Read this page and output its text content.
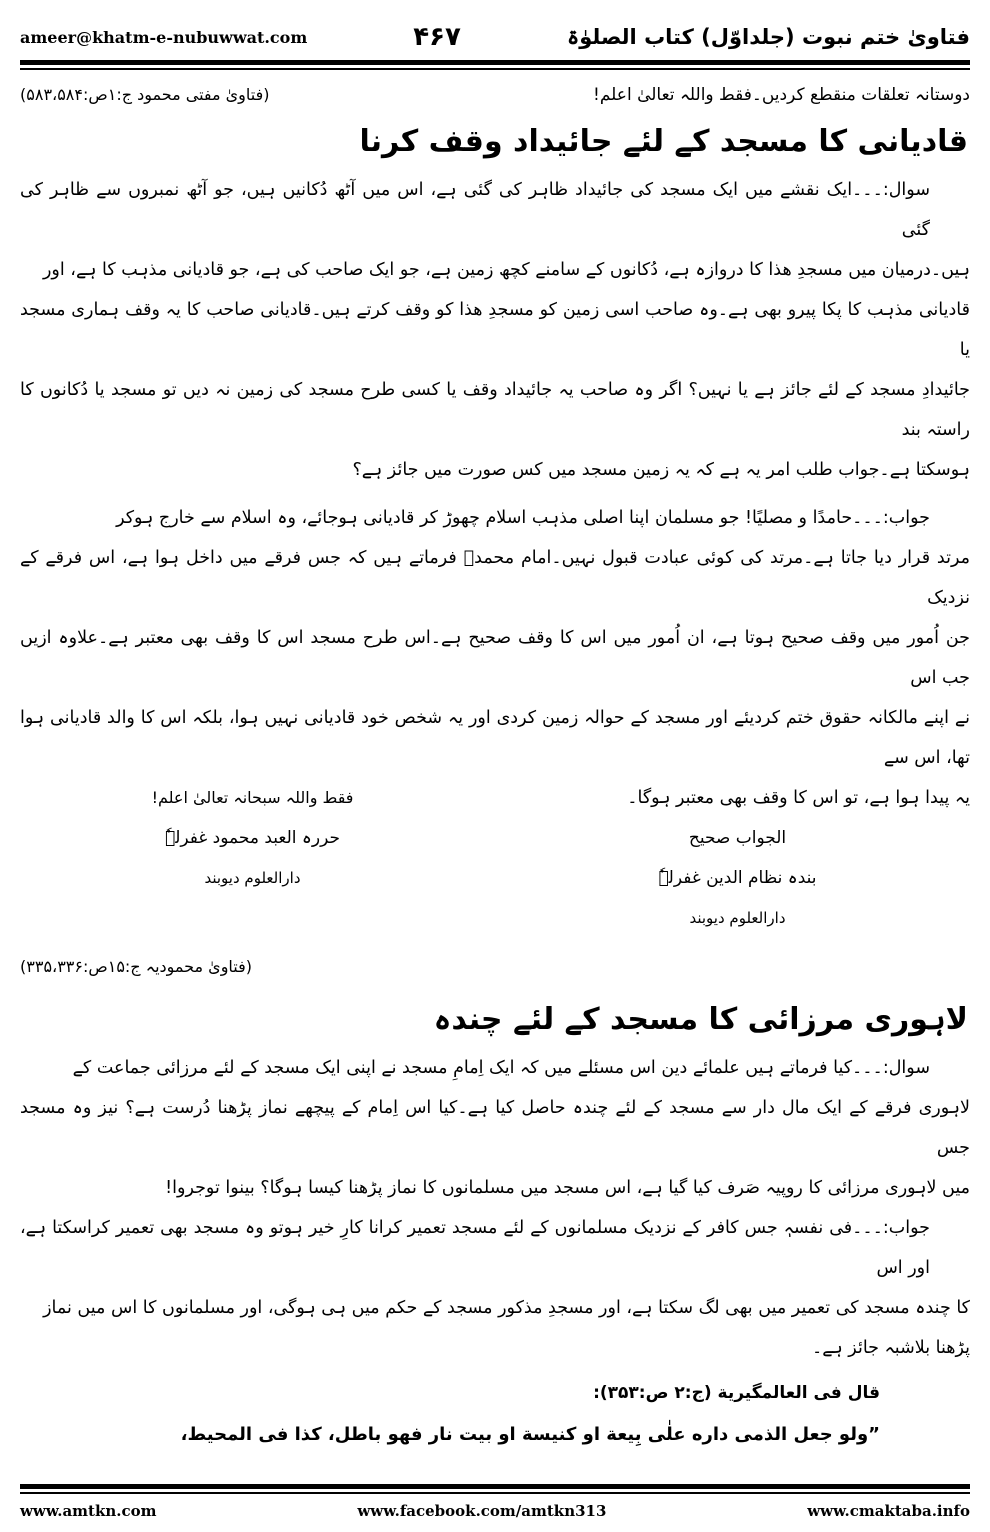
فتاویٰ ختم نبوت (جلداوّل) کتاب الصلوٰۃ
۴۶۷
ameer@khatm-e-nubuwwat.com
دوستانہ تعلقات منقطع کردیں۔فقط واللہ تعالیٰ اعلم!
(فتاویٰ مفتی محمود ج:۱ص:۵۸۳،۵۸۴)
قادیانی کا مسجد کے لئے جائیداد وقف کرنا
سوال:۔۔۔ایک نقشے میں ایک مسجد کی جائیداد ظاہر کی گئی ہے، اس میں آٹھ دُکانیں ہیں، جو آٹھ نمبروں سے ظاہر کی گئی
ہیں۔درمیان میں مسجدِ ھذا کا دروازہ ہے، دُکانوں کے سامنے کچھ زمین ہے، جو ایک صاحب کی ہے، جو قادیانی مذہب کا ہے، اور
قادیانی مذہب کا پکا پیرو بھی ہے۔وہ صاحب اسی زمین کو مسجدِ ھذا کو وقف کرتے ہیں۔قادیانی صاحب کا یہ وقف ہماری مسجد یا
جائیدادِ مسجد کے لئے جائز ہے یا نہیں؟ اگر وہ صاحب یہ جائیداد وقف یا کسی طرح مسجد کی زمین نہ دیں تو مسجد یا دُکانوں کا راستہ بند
ہوسکتا ہے۔جواب طلب امر یہ ہے کہ یہ زمین مسجد میں کس صورت میں جائز ہے؟
جواب:۔۔۔حامدًا و مصلیًا! جو مسلمان اپنا اصلی مذہب اسلام چھوڑ کر قادیانی ہوجائے، وہ اسلام سے خارج ہوکر
مرتد قرار دیا جاتا ہے۔مرتد کی کوئی عبادت قبول نہیں۔امام محمدؒ فرماتے ہیں کہ جس فرقے میں داخل ہوا ہے، اس فرقے کے نزدیک
جن اُمور میں وقف صحیح ہوتا ہے، ان اُمور میں اس کا وقف صحیح ہے۔اس طرح مسجد اس کا وقف بھی معتبر ہے۔علاوہ ازیں جب اس
نے اپنے مالکانہ حقوق ختم کردیئے اور مسجد کے حوالہ زمین کردی اور یہ شخص خود قادیانی نہیں ہوا، بلکہ اس کا والد قادیانی ہوا تھا، اس سے
یہ پیدا ہوا ہے، تو اس کا وقف بھی معتبر ہوگا۔
فقط واللہ سبحانہ تعالیٰ اعلم!
الجواب صحیح
حررہ العبد محمود غفرلہٗ
بندہ نظام الدین غفرلہٗ
دارالعلوم دیوبند
دارالعلوم دیوبند
(فتاویٰ محمودیہ ج:۱۵ص:۳۳۵،۳۳۶)
لاہوری مرزائی کا مسجد کے لئے چندہ
سوال:۔۔۔کیا فرماتے ہیں علمائے دین اس مسئلے میں کہ ایک اِمامِ مسجد نے اپنی ایک مسجد کے لئے مرزائی جماعت کے
لاہوری فرقے کے ایک مال دار سے مسجد کے لئے چندہ حاصل کیا ہے۔کیا اس اِمام کے پیچھے نماز پڑھنا دُرست ہے؟ نیز وہ مسجد جس
میں لاہوری مرزائی کا روپیہ صَرف کیا گیا ہے، اس مسجد میں مسلمانوں کا نماز پڑھنا کیسا ہوگا؟ بینوا توجروا!
جواب:۔۔۔فی نفسہٖ جس کافر کے نزدیک مسلمانوں کے لئے مسجد تعمیر کرانا کارِ خیر ہوتو وہ مسجد بھی تعمیر کراسکتا ہے، اور اس
کا چندہ مسجد کی تعمیر میں بھی لگ سکتا ہے، اور مسجدِ مذکور مسجد کے حکم میں ہی ہوگی، اور مسلمانوں کا اس میں نماز پڑھنا بلاشبہ جائز ہے۔
قال فی العالمگیریة (ج:۲ ص:۳۵۳):
”ولو جعل الذمی داره علٰی بِیعة او کنیسة او بیت نار فهو باطل، کذا فی المحیط،
www.amtkn.com	www.facebook.com/amtkn313	www.cmaktaba.info
